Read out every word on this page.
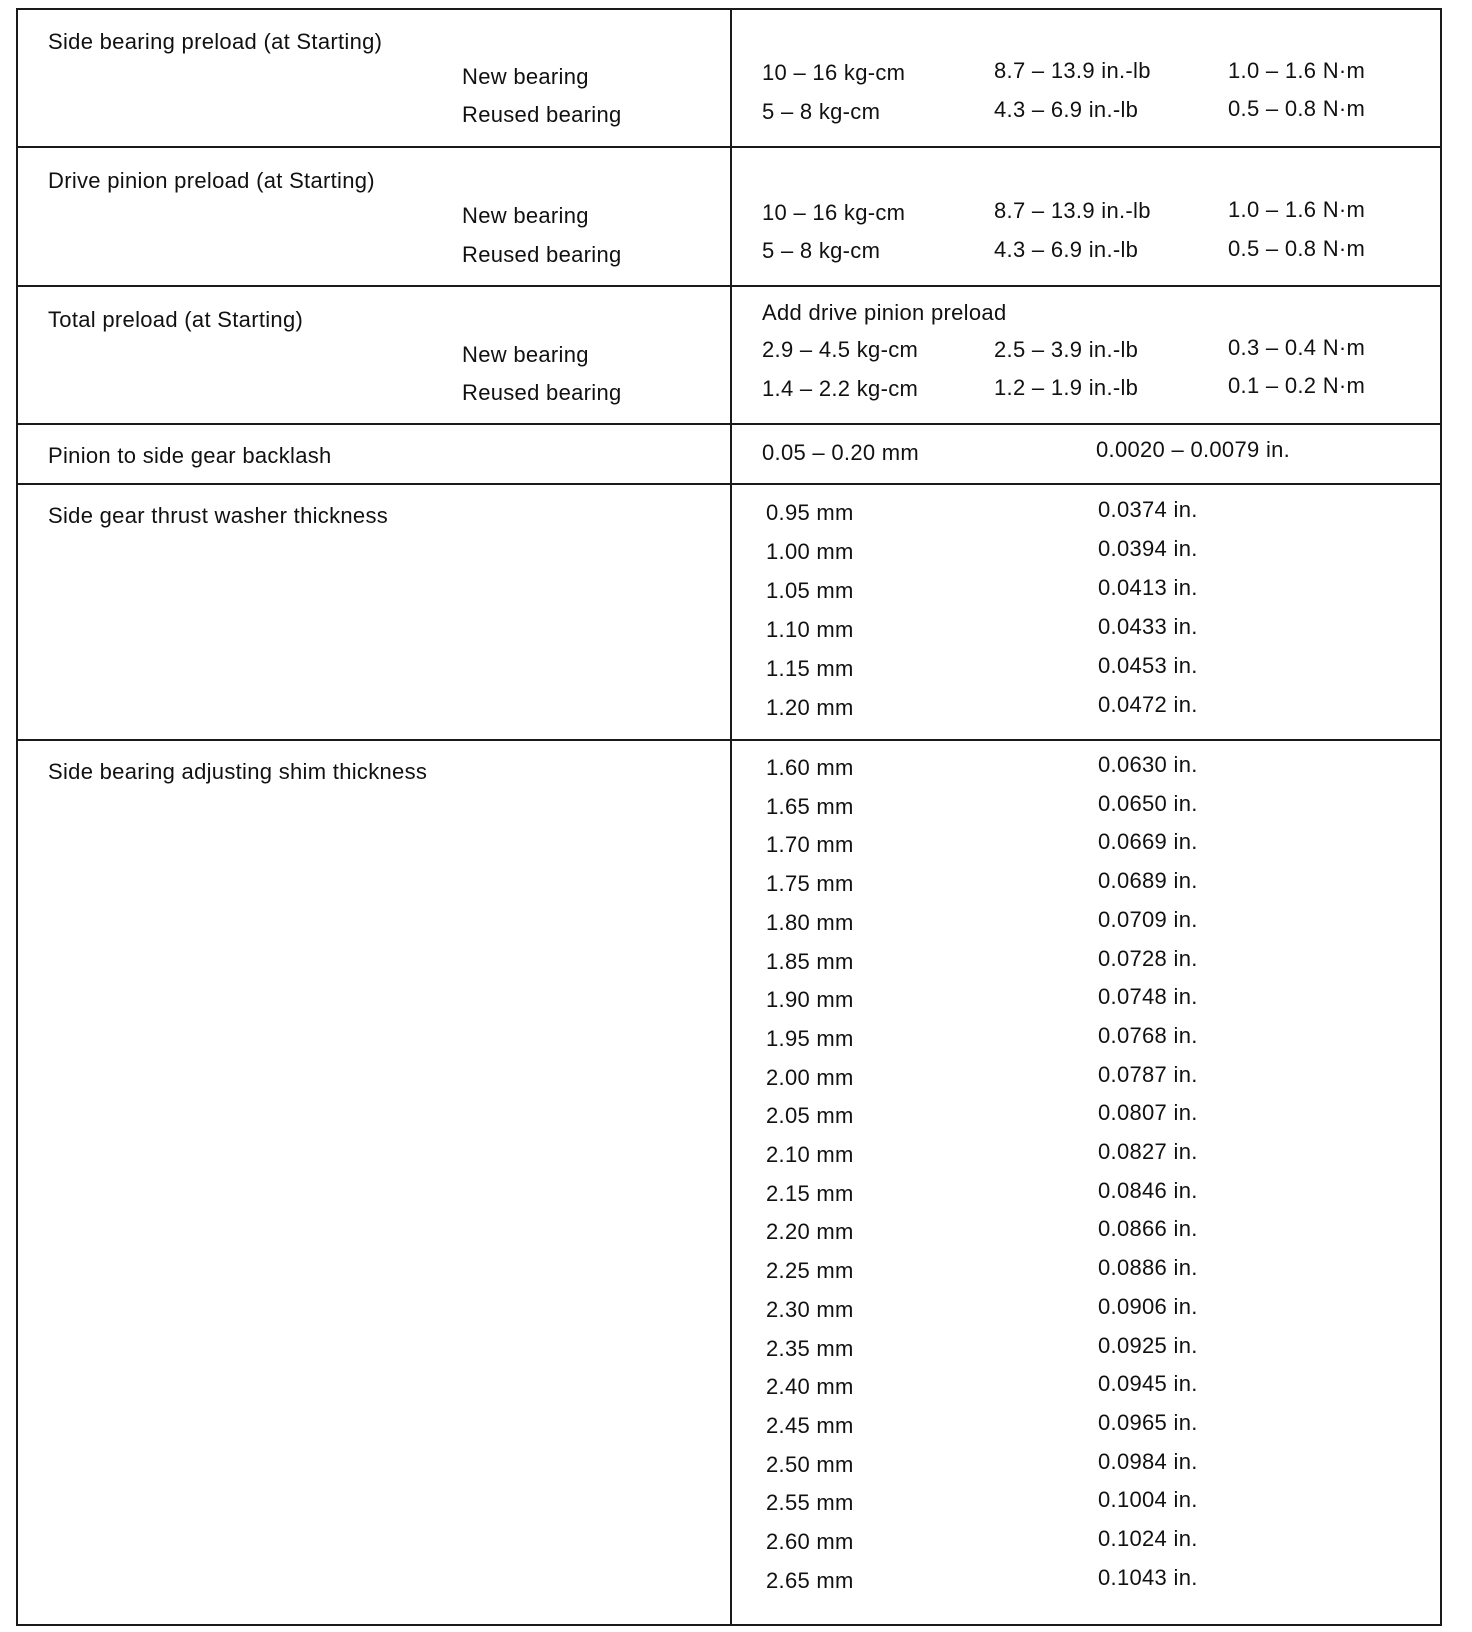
Side bearing preload (at Starting)
New bearing	10 – 16 kg-cm	8.7 – 13.9 in.-lb	1.0 – 1.6 N·m
Reused bearing	5 – 8 kg-cm	4.3 – 6.9 in.-lb	0.5 – 0.8 N·m
Drive pinion preload (at Starting)
New bearing	10 – 16 kg-cm	8.7 – 13.9 in.-lb	1.0 – 1.6 N·m
Reused bearing	5 – 8 kg-cm	4.3 – 6.9 in.-lb	0.5 – 0.8 N·m
Total preload (at Starting)	Add drive pinion preload
New bearing	2.9 – 4.5 kg-cm	2.5 – 3.9 in.-lb	0.3 – 0.4 N·m
Reused bearing	1.4 – 2.2 kg-cm	1.2 – 1.9 in.-lb	0.1 – 0.2 N·m
Pinion to side gear backlash	0.05 – 0.20 mm	0.0020 – 0.0079 in.
Side gear thrust washer thickness	0.95 mm	0.0374 in.
1.00 mm	0.0394 in.
1.05 mm	0.0413 in.
1.10 mm	0.0433 in.
1.15 mm	0.0453 in.
1.20 mm	0.0472 in.
Side bearing adjusting shim thickness	1.60 mm	0.0630 in.
1.65 mm	0.0650 in.
1.70 mm	0.0669 in.
1.75 mm	0.0689 in.
1.80 mm	0.0709 in.
1.85 mm	0.0728 in.
1.90 mm	0.0748 in.
1.95 mm	0.0768 in.
2.00 mm	0.0787 in.
2.05 mm	0.0807 in.
2.10 mm	0.0827 in.
2.15 mm	0.0846 in.
2.20 mm	0.0866 in.
2.25 mm	0.0886 in.
2.30 mm	0.0906 in.
2.35 mm	0.0925 in.
2.40 mm	0.0945 in.
2.45 mm	0.0965 in.
2.50 mm	0.0984 in.
2.55 mm	0.1004 in.
2.60 mm	0.1024 in.
2.65 mm	0.1043 in.
